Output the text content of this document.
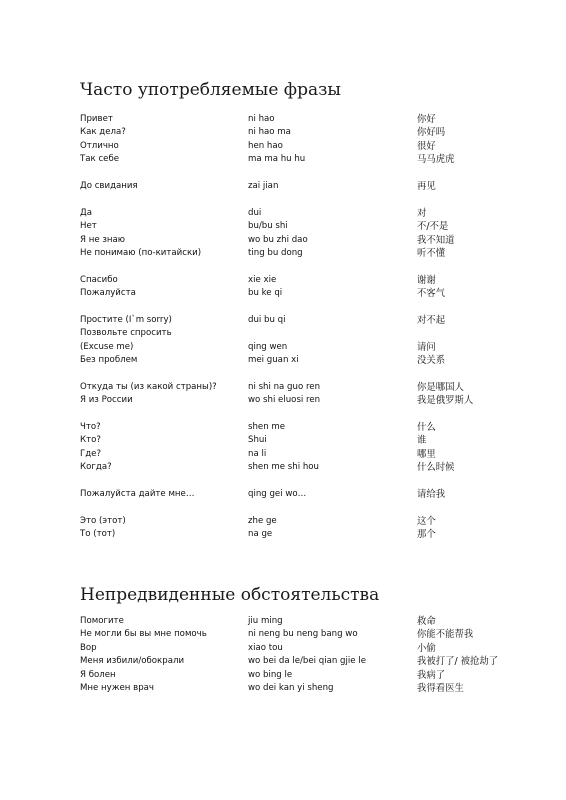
Часто употребляемые фразы
Привет	ni hao	你好
Как дела?	ni hao ma	你好吗
Отлично	hen hao	很好
Так себе	ma ma hu hu	马马虎虎
До свидания	zai jian	再见
Да	dui	对
Нет	bu/bu shi	不/不是
Я не знаю	wo bu zhi dao	我不知道
Не понимаю (по-китайски)	ting bu dong	听不懂
Спасибо	xie xie	谢谢
Пожалуйста	bu ke qi	不客气
Простите (I`m sorry)	dui bu qi	对不起
Позвольте спросить
(Excuse me)	qing wen	请问
Без проблем	mei guan xi	没关系
Откуда ты (из какой страны)?	ni shi na guo ren	你是哪国人
Я из России	wo shi eluosi ren	我是俄罗斯人
Что?	shen me	什么
Кто?	Shui	谁
Где?	na li	哪里
Когда?	shen me shi hou	什么时候
Пожалуйста дайте мне…	qing gei wo…	请给我
Это (этот)	zhe ge	这个
То (тот)	na ge	那个
Непредвиденные обстоятельства
Помогите	jiu ming	救命
Не могли бы вы мне помочь	ni neng bu neng bang wo	你能不能帮我
Вор	xiao tou	小偷
Меня избили/обокрали	wo bei da le/bei qian gjie le	我被打了/ 被抢劫了
Я болен	wo bing le	我病了
Мне нужен врач	wo dei kan yi sheng	我得看医生
